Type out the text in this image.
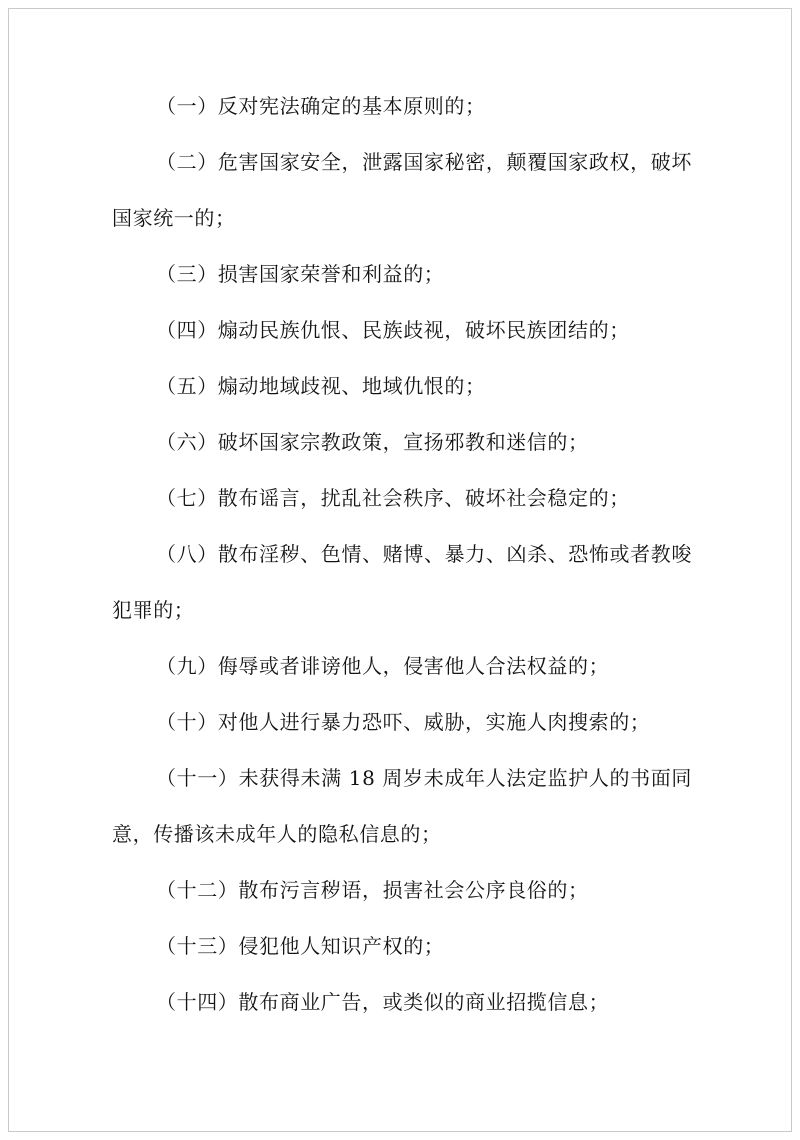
（一）反对宪法确定的基本原则的；

（二）危害国家安全，泄露国家秘密，颠覆国家政权，破坏国家统一的；

（三）损害国家荣誉和利益的；

（四）煽动民族仇恨、民族歧视，破坏民族团结的；

（五）煽动地域歧视、地域仇恨的；

（六）破坏国家宗教政策，宣扬邪教和迷信的；

（七）散布谣言，扰乱社会秩序、破坏社会稳定的；

（八）散布淫秽、色情、赌博、暴力、凶杀、恐怖或者教唆犯罪的；

（九）侮辱或者诽谤他人，侵害他人合法权益的；

（十）对他人进行暴力恐吓、威胁，实施人肉搜索的；

（十一）未获得未满 18 周岁未成年人法定监护人的书面同意，传播该未成年人的隐私信息的；

（十二）散布污言秽语，损害社会公序良俗的；

（十三）侵犯他人知识产权的；

（十四）散布商业广告，或类似的商业招揽信息；
